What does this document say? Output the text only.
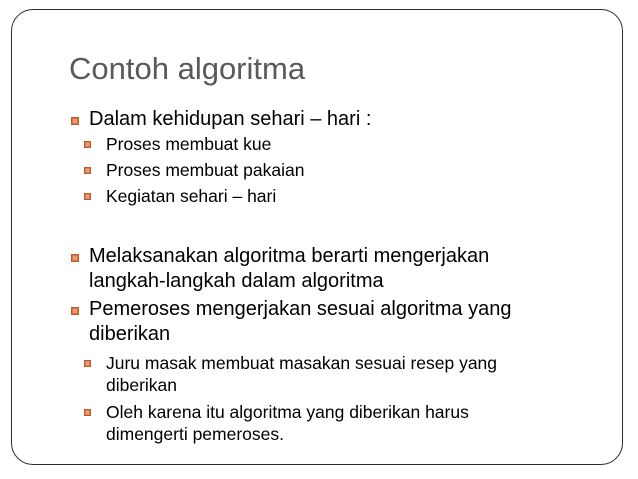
Contoh algoritma
Dalam kehidupan sehari – hari :
Proses membuat kue
Proses membuat pakaian
Kegiatan sehari – hari
Melaksanakan algoritma berarti mengerjakan
langkah-langkah dalam algoritma
Pemeroses mengerjakan sesuai algoritma yang
diberikan
Juru masak membuat masakan sesuai resep yang
diberikan
Oleh karena itu algoritma yang diberikan harus
dimengerti pemeroses.
